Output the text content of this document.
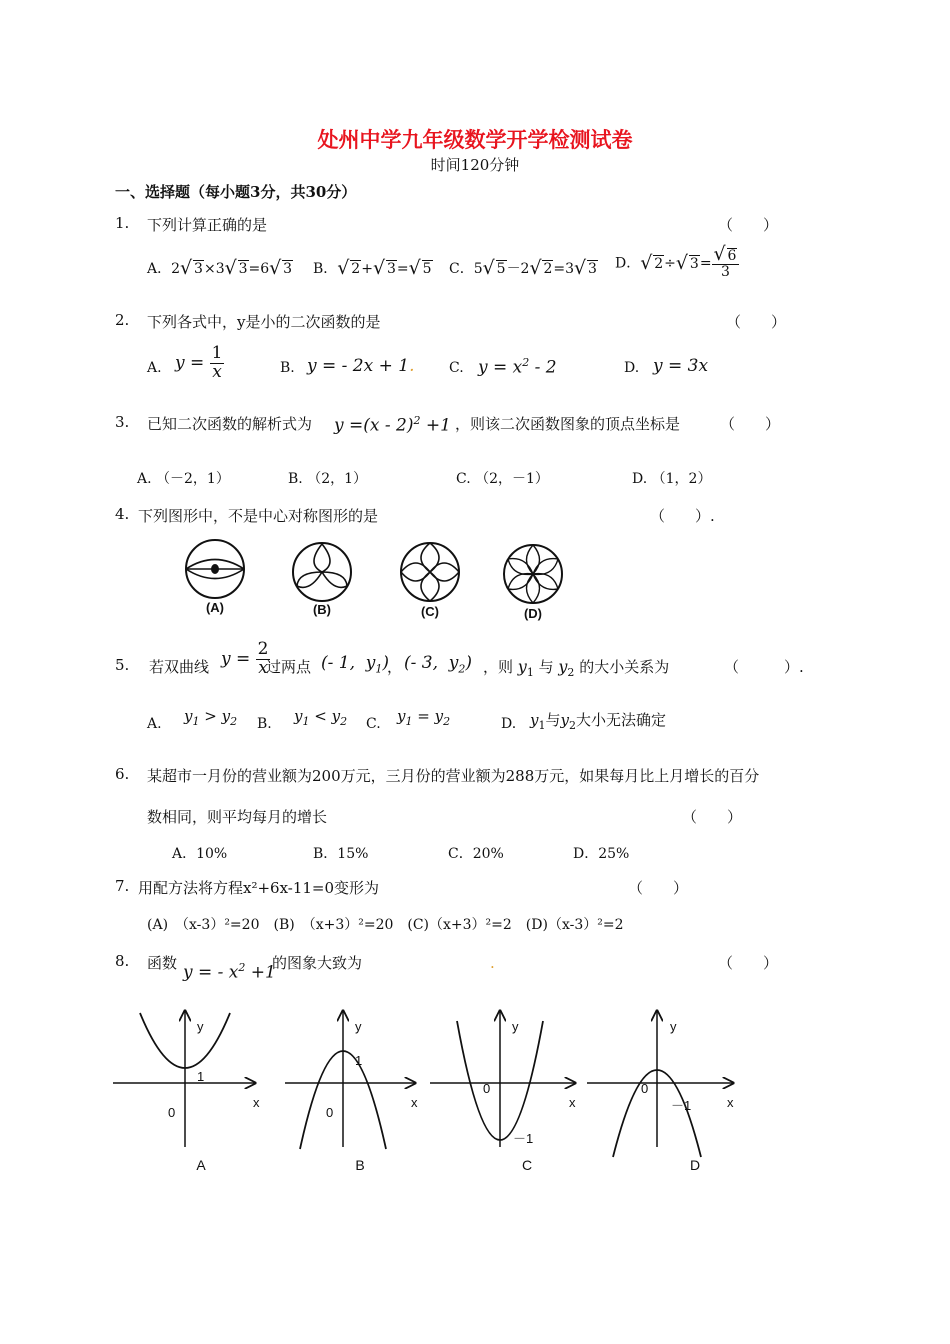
处州中学九年级数学开学检测试卷
时间120分钟
一、选择题（每小题3分，共30分）
1. 下列计算正确的是	（　　）
A．2 √ 3×3 √ 3=6 √ 3 B． √ 2+ √ 3= √ 5 C．5 √ 5－2 √ 2=3 √ 3 D． √ 2÷ √ 3= √ $\frac{6}{3}$
2. 下列各式中，y是小的二次函数的是	（　　）
A. $y = \frac{1}{x}$	B. y = - 2x + 1. C. $y = x^2 - 2$	D. y = 3x
3. 已知二次函数的解析式为 y =(x - 2)$^2$ +1 ，则该二次函数图象的顶点坐标是	（　　）
A. （－2，1）	B. （2，1）	C. （2，－1）	D. （1，2）
4. 下列图形中，不是中心对称图形的是	（　　）.
(A)	(B)	(C)	(D)
5. 若双曲线 $y = \frac{2}{x}$
过两点 (- 1,  $y_1$)
， (- 3,  $y_2$) ，则 $y_1$ 与 $y_2$ 的大小关系为	（　　　）.
A. $y_1 > y_2$ B. $y_1 < y_2$ C. $y_1 = y_2$	D. $y_1$与$y_2$大小无法确定
6. 某超市一月份的营业额为200万元，三月份的营业额为288万元，如果每月比上月增长的百分
数相同，则平均每月的增长	（　　）
A．10%	B．15%	C．20%	D．25%
7. 用配方法将方程x²+6x-11=0变形为	（　　）
(A)　（x-3）²=20　(B)　（x+3）²=20　(C)（x+3）²=2　(D)（x-3）²=2
8. 函数 y = - $x^2 +1$
的图象大致为	.	（　　）
y
x
0
1
y
x
0
1
y
x
0
－1
y
x
0
－1
A	B	C	D
